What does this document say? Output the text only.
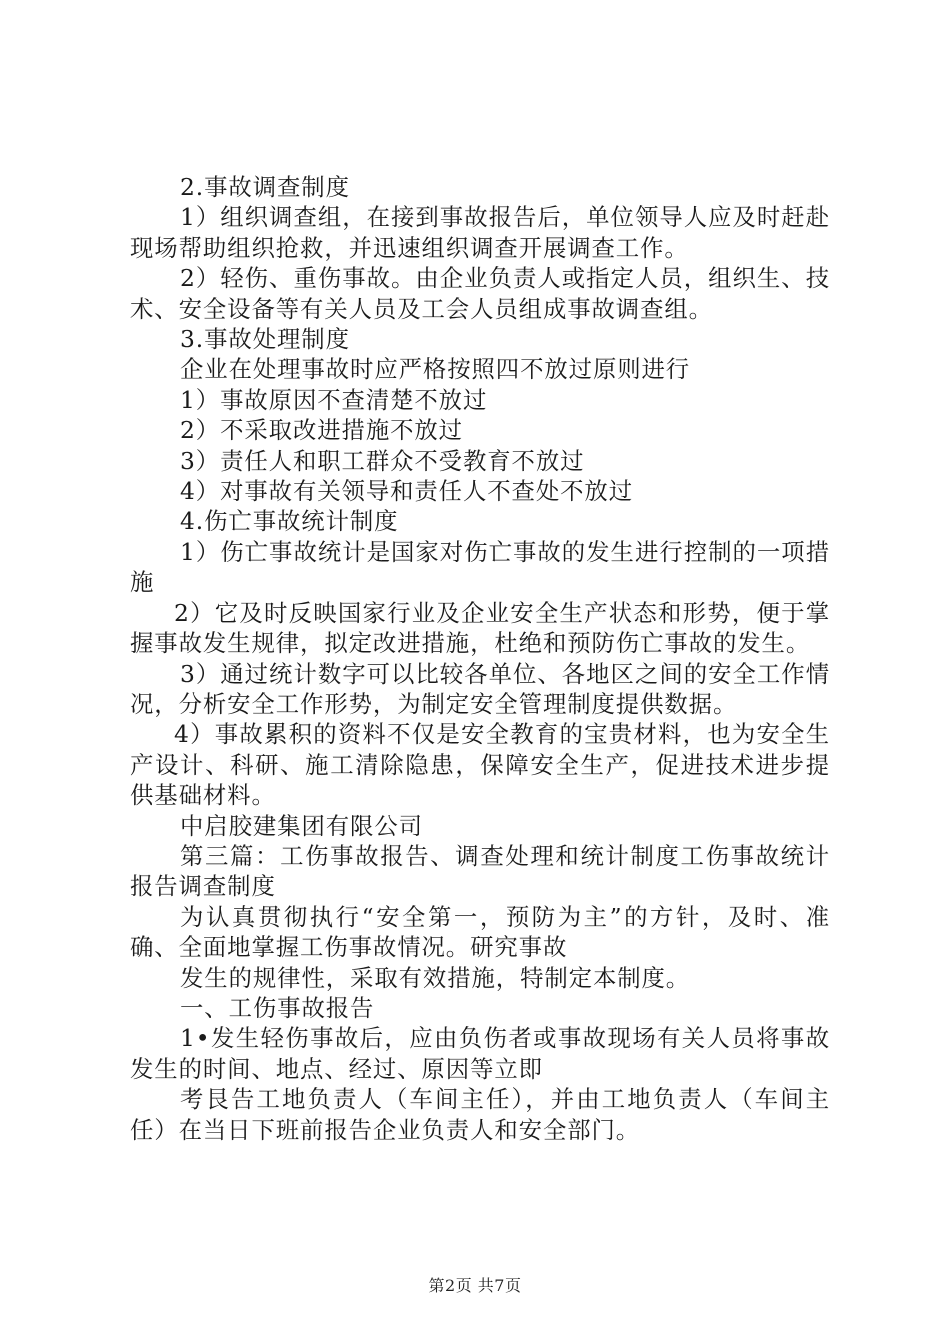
2.事故调查制度

1）组织调查组，在接到事故报告后，单位领导人应及时赶赴现场帮助组织抢救，并迅速组织调查开展调查工作。

2）轻伤、重伤事故。由企业负责人或指定人员，组织生、技术、安全设备等有关人员及工会人员组成事故调查组。

3.事故处理制度

企业在处理事故时应严格按照四不放过原则进行

1）事故原因不查清楚不放过

2）不采取改进措施不放过

3）责任人和职工群众不受教育不放过

4）对事故有关领导和责任人不查处不放过

4.伤亡事故统计制度

1）伤亡事故统计是国家对伤亡事故的发生进行控制的一项措施

2）它及时反映国家行业及企业安全生产状态和形势，便于掌握事故发生规律，拟定改进措施，杜绝和预防伤亡事故的发生。

3）通过统计数字可以比较各单位、各地区之间的安全工作情况，分析安全工作形势，为制定安全管理制度提供数据。

4）事故累积的资料不仅是安全教育的宝贵材料，也为安全生产设计、科研、施工清除隐患，保障安全生产，促进技术进步提供基础材料。

中启胶建集团有限公司

第三篇：工伤事故报告、调查处理和统计制度工伤事故统计报告调查制度

为认真贯彻执行“安全第一，预防为主”的方针，及时、准确、全面地掌握工伤事故情况。研究事故

发生的规律性，采取有效措施，特制定本制度。

一、工伤事故报告

1•发生轻伤事故后，应由负伤者或事故现场有关人员将事故发生的时间、地点、经过、原因等立即

考艮告工地负责人（车间主任），并由工地负责人（车间主任）在当日下班前报告企业负责人和安全部门。

第2页 共7页
